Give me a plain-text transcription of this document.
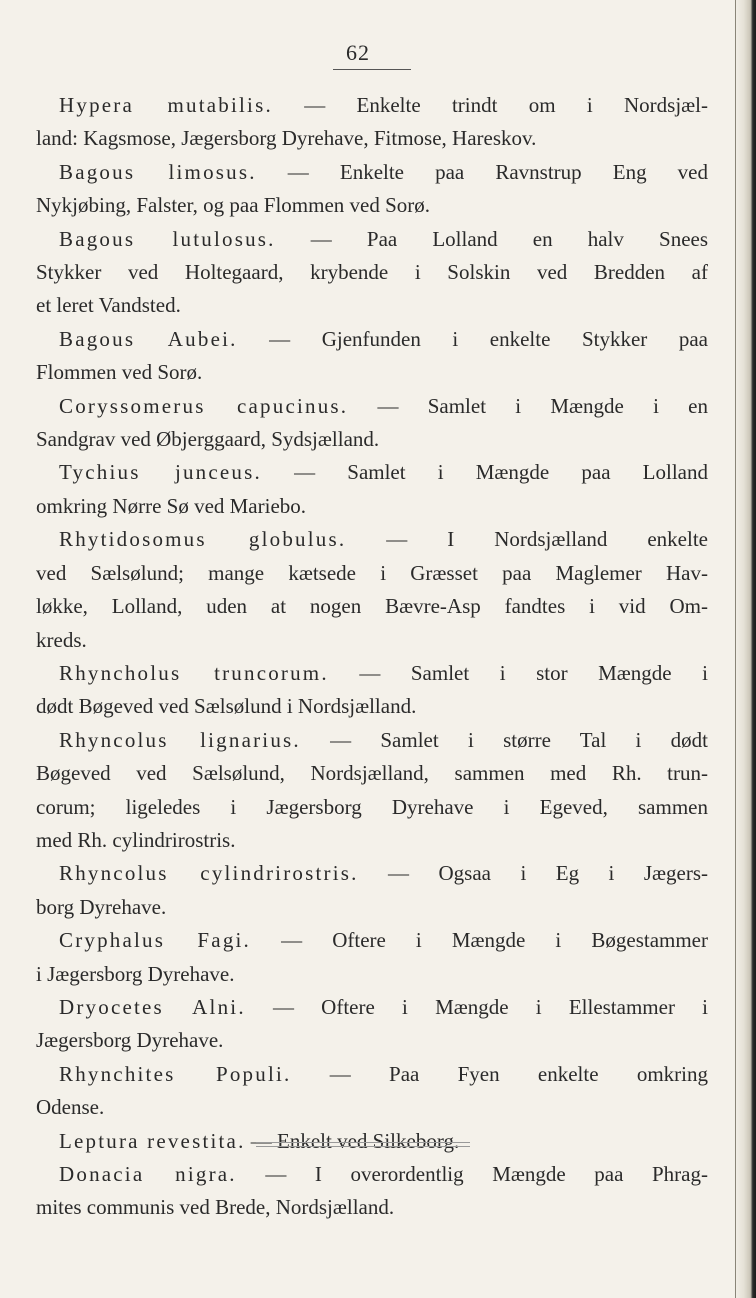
62
Hypera mutabilis. — Enkelte trindt om i Nordsjæl-
land: Kagsmose, Jægersborg Dyrehave, Fitmose, Hareskov.
Bagous limosus. — Enkelte paa Ravnstrup Eng ved
Nykjøbing, Falster, og paa Flommen ved Sorø.
Bagous lutulosus. — Paa Lolland en halv Snees
Stykker ved Holtegaard, krybende i Solskin ved Bredden af
et leret Vandsted.
Bagous Aubei. — Gjenfunden i enkelte Stykker paa
Flommen ved Sorø.
Coryssomerus capucinus. — Samlet i Mængde i en
Sandgrav ved Øbjerggaard, Sydsjælland.
Tychius junceus. — Samlet i Mængde paa Lolland
omkring Nørre Sø ved Mariebo.
Rhytidosomus globulus. — I Nordsjælland enkelte
ved Sælsølund; mange kætsede i Græsset paa Maglemer Hav-
løkke, Lolland, uden at nogen Bævre-Asp fandtes i vid Om-
kreds.
Rhyncholus truncorum. — Samlet i stor Mængde i
dødt Bøgeved ved Sælsølund i Nordsjælland.
Rhyncolus lignarius. — Samlet i større Tal i dødt
Bøgeved ved Sælsølund, Nordsjælland, sammen med Rh. trun-
corum; ligeledes i Jægersborg Dyrehave i Egeved, sammen
med Rh. cylindrirostris.
Rhyncolus cylindrirostris. — Ogsaa i Eg i Jægers-
borg Dyrehave.
Cryphalus Fagi. — Oftere i Mængde i Bøgestammer
i Jægersborg Dyrehave.
Dryocetes Alni. — Oftere i Mængde i Ellestammer i
Jægersborg Dyrehave.
Rhynchites Populi. — Paa Fyen enkelte omkring
Odense.
Leptura revestita. — Enkelt ved Silkeborg.
Donacia nigra. — I overordentlig Mængde paa Phrag-
mites communis ved Brede, Nordsjælland.
